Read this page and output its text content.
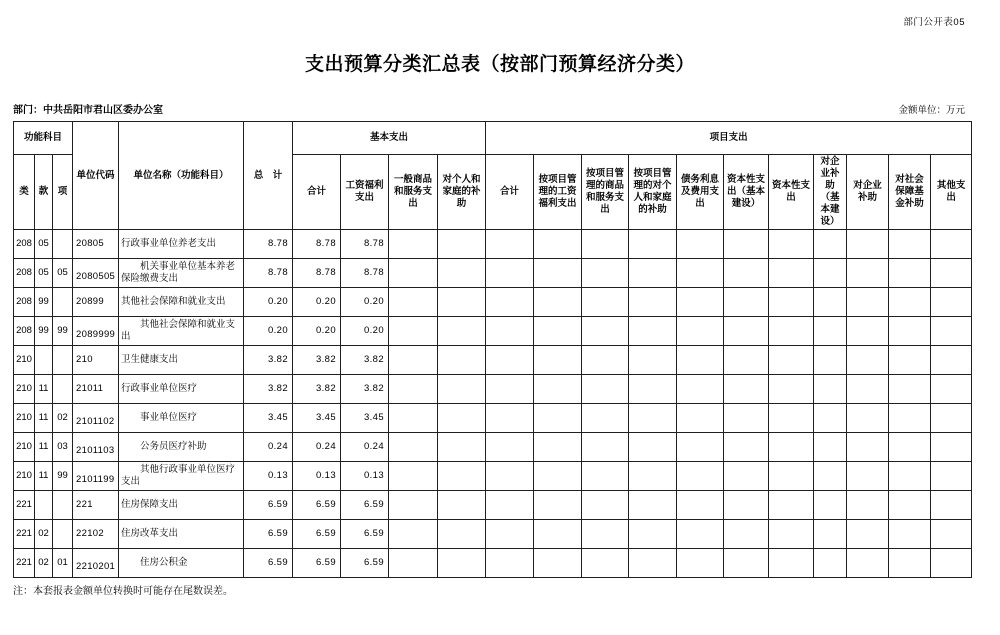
部门公开表05
支出预算分类汇总表（按部门预算经济分类）
部门：中共岳阳市君山区委办公室	金额单位：万元
功能科目			单位代码	单位名称（功能科目）	总　计	基本支出				项目支出										
类	款	项				合计	工资福利支出	一般商品和服务支出	对个人和家庭的补助	合计	按项目管理的工资福利支出	按项目管理的商品和服务支出	按项目管理的对个人和家庭的补助	债务利息及费用支出	资本性支出（基本建设）	资本性支出	对企业补助（基本建设）	对企业补助	对社会保障基金补助	其他支出
208	05		20805	行政事业单位养老支出	8.78	8.78	8.78													
208	05	05	2080505	机关事业单位基本养老保险缴费支出	8.78	8.78	8.78													
208	99		20899	其他社会保障和就业支出	0.20	0.20	0.20													
208	99	99	2089999	其他社会保障和就业支出	0.20	0.20	0.20													
210			210	卫生健康支出	3.82	3.82	3.82													
210	11		21011	行政事业单位医疗	3.82	3.82	3.82													
210	11	02	2101102	事业单位医疗	3.45	3.45	3.45													
210	11	03	2101103	公务员医疗补助	0.24	0.24	0.24													
210	11	99	2101199	其他行政事业单位医疗支出	0.13	0.13	0.13													
221			221	住房保障支出	6.59	6.59	6.59													
221	02		22102	住房改革支出	6.59	6.59	6.59													
221	02	01	2210201	住房公积金	6.59	6.59	6.59													
注：本套报表金额单位转换时可能存在尾数误差。
